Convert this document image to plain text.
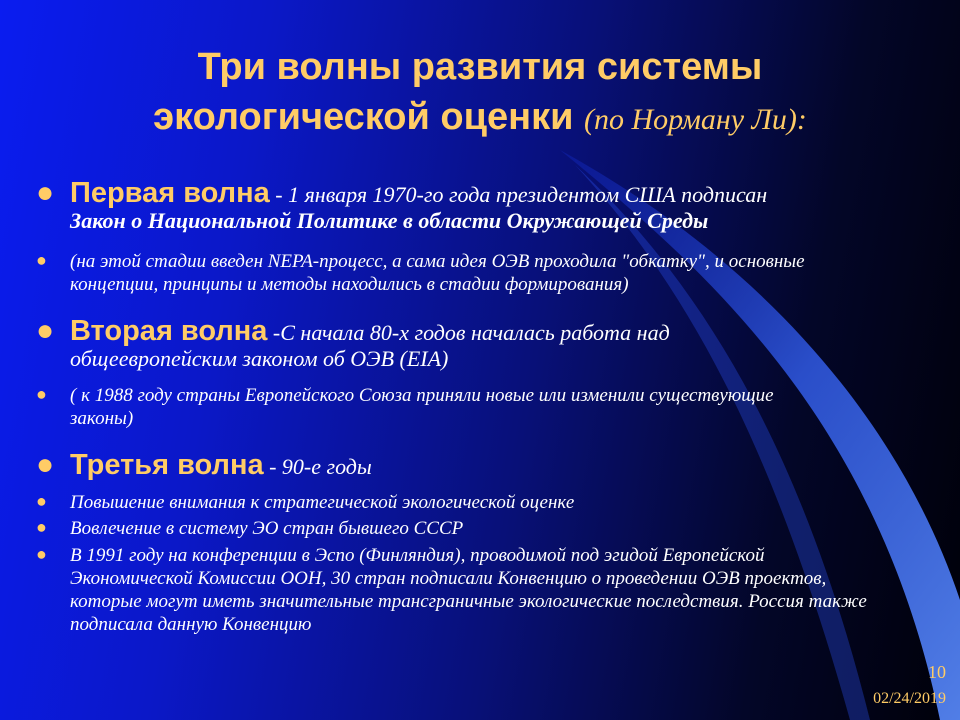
Три волны развития системы
экологической оценки (по Норману Ли):
● Первая волна - 1 января 1970-го года президентом США подписан
Закон о Национальной Политике в области Окружающей Среды

● (на этой стадии введен NEPA-процесс, а сама идея ОЭВ проходила "обкатку", и основные концепции, принципы и методы находились в стадии формирования)

● Вторая волна -С начала 80-х годов началась работа над общеевропейским законом об ОЭВ (EIA)

● ( к 1988 году страны Европейского Союза приняли новые или изменили существующие законы)

● Третья волна - 90-е годы

● Повышение внимания к стратегической экологической оценке

● Вовлечение в систему ЭО стран бывшего СССР

● В 1991 году на конференции в Эспо (Финляндия), проводимой под эгидой Европейской Экономической Комиссии ООН, 30 стран подписали Конвенцию о проведении ОЭВ проектов, которые могут иметь значительные трансграничные экологические последствия. Россия также подписала данную Конвенцию

10
02/24/2019
